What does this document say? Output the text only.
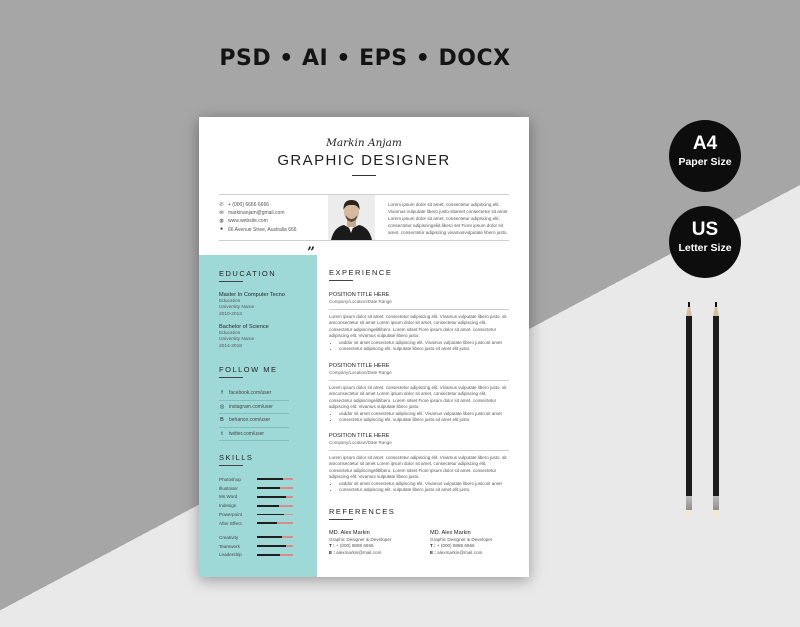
PSD • AI • EPS • DOCX
A4
Paper Size
US
Letter Size
Markin Anjam
GRAPHIC DESIGNER
✆ + (000) 6666 6666
✉ markinanjam@gmail.com
◍ www.website.com
● 66 Avenue Stree, Australia 666
Lorem ipsum dolor sit amet, consectetur adipiscing elit. Vivamus vulputate libero justo.sitamet consectetur sit amet Lorem ipsum dolor sit amet, consectetur adipiscing elit, consectetur adipiscingeliit.libero set Fiore ipsum dolor sit amet. consectetur adipiscing vivamusvulputate libero justo.
”
EDUCATION
Master In Computer Tecno
Education
University Name
2010-2013
Bachelor of Science
Education
University Name
2014-2018
FOLLOW ME
f	facebook.com/user
◎ instagram.com/user
B behance.com/user
t	twitter.com/user
SKILLS
Photoshop
Illustrator
Ms Word
Indesign
Powerpoint
After Effect
Creativity
Teamwork
Leadership
EXPERIENCE
POSITION TITLE HERE
Company/Location/Date Range
Lorem ipsum dolor sit amet. consectetur adipiscing elit. Vivamus vulputate libero justo. sit amconsectetur sit amet Lorem ipsum dolor sit amet, consectetur adipiscing elit, consectetur adipiscingelitlibero. Lorem sitset Fiore ipsum dolor sit amet. consectetur adipiscing elit. Vivamus vulputate libero justo.
• usddor sit amet consectetur adipiscing elit. Vivamus vulputate libero justo.sit amet
• consectetur adipiscing elit. vulputate libero justo.sit amet elit justo.
POSITION TITLE HERE
Company/Location/Date Range
Lorem ipsum dolor sit amet. consectetur adipiscing elit. Vivamus vulputate libero justo. sit amconsectetur sit amet Lorem ipsum dolor sit amet, consectetur adipiscing elit, consectetur adipiscingelitlibero. Lorem sitset Fiore ipsum dolor sit amet. consectetur adipiscing elit. Vivamus vulputate libero justo.
• usddor sit amet consectetur adipiscing elit. Vivamus vulputate libero justo.sit amet
• consectetur adipiscing elit. vulputate libero justo.sit amet elit justo.
POSITION TITLE HERE
Company/Location/Date Range
Lorem ipsum dolor sit amet. consectetur adipiscing elit. Vivamus vulputate libero justo. sit amconsectetur sit amet Lorem ipsum dolor sit amet, consectetur adipiscing elit, consectetur adipiscingelitlibero. Lorem sitset Fiore ipsum dolor sit amet. consectetur adipiscing elit. Vivamus vulputate libero justo.
• usddor sit amet consectetur adipiscing elit. Vivamus vulputate libero justo.sit amet
• consectetur adipiscing elit. vulputate libero justo.sit amet elit justo.
REFERENCES
MD. Alex Markin
Graphic Designer & Developer
T : + (000) 8888 6666
E : alexmarkin@mail.com
MD. Alex Markin
Graphic Designer & Developer
T : + (000) 8888 6666
E : alexmarkin@mail.com
